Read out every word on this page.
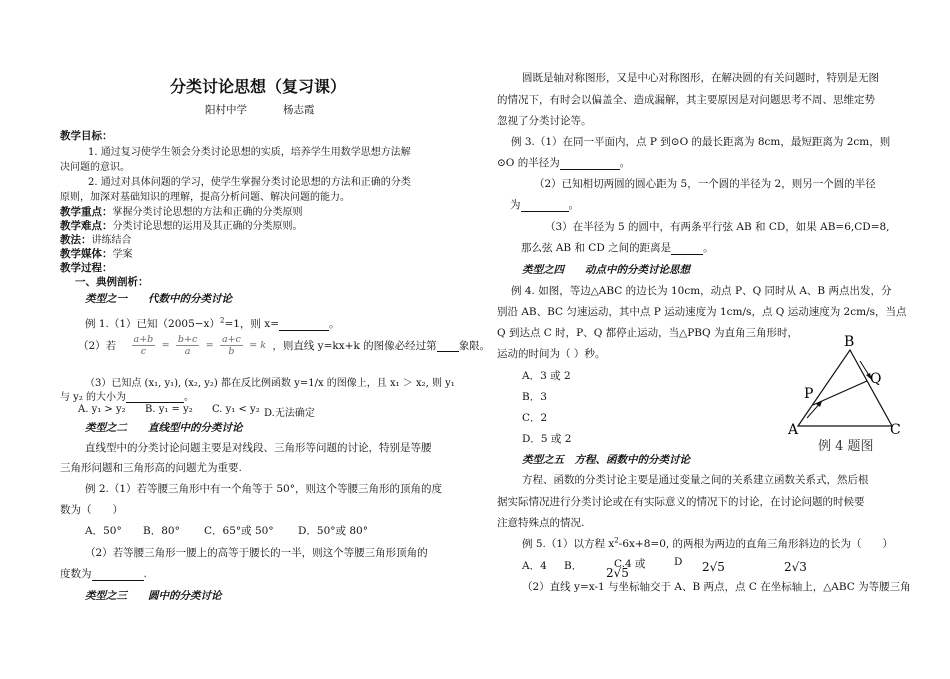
分类讨论思想（复习课）
阳村中学	杨志霞
教学目标：
1. 通过复习使学生领会分类讨论思想的实质，培养学生用数学思想方法解
决问题的意识。
2. 通过对具体问题的学习，使学生掌握分类讨论思想的方法和正确的分类
原则，加深对基础知识的理解，提高分析问题、解决问题的能力。
教学重点：掌握分类讨论思想的方法和正确的分类原则
教学难点：分类讨论思想的运用及其正确的分类原则。
教法：讲练结合
教学媒体：学案
教学过程：
一、典例剖析：
类型之一　　代数中的分类讨论
例 1.（1）已知$(2005-x)^2=1$，则 x=	。
（2）若 $\frac{a+b}{c} = \frac{b+c}{a} = \frac{a+c}{b} = k$ ，则直线 y=kx+k 的图像必经过第 象限。
（3）已知点 (x₁, y₁), (x₂, y₂) 都在反比例函数 y=1/x 的图像上，且 x₁ ＞ x₂, 则 y₁
与 y₂ 的大小为	。
A. y₁ > y₂ B. y₁ = y₂ C. y₁ < y₂ D.无法确定
类型之二　　直线型中的分类讨论
直线型中的分类讨论问题主要是对线段、三角形等问题的讨论，特别是等腰
三角形问题和三角形高的问题尤为重要.
例 2.（1）若等腰三角形中有一个角等于 50°，则这个等腰三角形的顶角的度
数为（　　）
A．50° B．80° C．65°或 50° D．50°或 80°
（2）若等腰三角形一腰上的高等于腰长的一半，则这个等腰三角形顶角的
度数为	.
类型之三　　圆中的分类讨论
圆既是轴对称图形，又是中心对称图形，在解决圆的有关问题时，特别是无图
的情况下，有时会以偏盖全、造成漏解，其主要原因是对问题思考不周、思维定势
忽视了分类讨论等。
例 3.（1）在同一平面内，点 P 到⊙O 的最长距离为 8cm，最短距离为 2cm，则
⊙O 的半径为	。
（2）已知相切两圆的圆心距为 5，一个圆的半径为 2，则另一个圆的半径
为	。
（3）在半径为 5 的圆中，有两条平行弦 AB 和 CD，如果 AB=6,CD=8,
那么弦 AB 和 CD 之间的距离是	。
类型之四　　动点中的分类讨论思想
例 4. 如图，等边△ABC 的边长为 10cm，动点 P、Q 同时从 A、B 两点出发，分
别沿 AB、BC 匀速运动，其中点 P 运动速度为 1cm/s，点 Q 运动速度为 2cm/s，当点
Q 到达点 C 时，P、Q 都停止运动，当△PBQ 为直角三角形时，
运动的时间为（ ）秒。
A．3 或 2
B．3
C．2
D．5 或 2
B
Q
P
A	C
例 4 题图
类型之五　方程、函数中的分类讨论
方程、函数的分类讨论主要是通过变量之间的关系建立函数关系式，然后根
据实际情况进行分类讨论或在有实际意义的情况下的讨论，在讨论问题的时候要
注意特殊点的情况.
例 5.（1）以方程 $x^2-6x+8=0$, 的两根为两边的直角三角形斜边的长为（　　）
A．4 B．	C.4 或
2√5
D 2√5	2√3
（2）直线 y=x-1 与坐标轴交于 A、B 两点，点 C 在坐标轴上，△ABC 为等腰三角
